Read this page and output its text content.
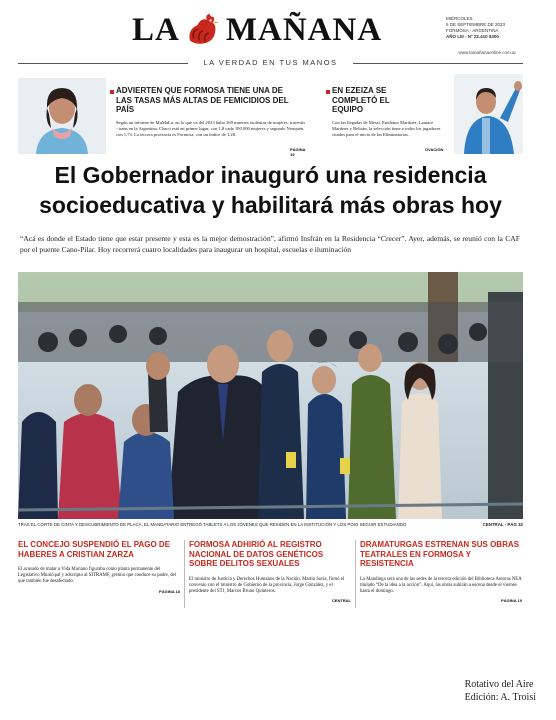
LA MAÑANA	MIÉRCOLES
6 DE SEPTIEMBRE DE 2023
FORMOSA - ARGENTINA
AÑO LIII - Nº 22.410 $300
www.lamañanaonline.com.ar
LA VERDAD EN TUS MANOS
ADVIERTEN QUE FORMOSA TIENE UNA DE LAS TASAS MÁS ALTAS DE FEMICIDIOS DEL PAÍS
Según un informe de MuMaLa, en lo que va del 2023 hubo 269 muertes violentas de mujeres, travestis - trans en la Argentina. Chaco está en primer lugar, con 1,8 cada 100.000 mujeres y segundo Neuquén, con 1,73. La tercera provincia es Formosa, con un índice de 1,28.
PÁGINA 19
EN EZEIZA SE COMPLETÓ EL EQUIPO
Con las llegadas de Messi, Emiliano Martínez, Lautaro Martínez y Beltrán, la selección tiene a todos los jugadores citados para el inicio de las Eliminatorias.
OVACIÓN
El Gobernador inauguró una residencia socioeducativa y habilitará más obras hoy
“Acá es donde el Estado tiene que estar presente y esta es la mejor demostración”, afirmó Insfrán en la Residencia “Crecer”. Ayer, además, se reunió con la CAF por el puente Cano-Pilar. Hoy recorrerá cuatro localidades para inaugurar un hospital, escuelas e iluminación
TRAS EL CORTE DE CINTA Y DESCUBRIMIENTO DE PLACA, EL MANDATARIO ENTREGÓ TABLETS A LOS JÓVENES QUE RESIDEN EN LA INSTITUCIÓN Y LOS POIO SEGUIR ESTUDIANDO	CENTRAL - PÁG 32
EL CONCEJO SUSPENDIÓ EL PAGO DE HABERES A CRISTIAN ZARZA
El acusado de matar a Vida Mariano figuraba como planta permanente del Legislativo Municipal y adscripto al SITRAMF, gremio que conduce su padre, del que también fue desafectado.
PÁGINA 18
FORMOSA ADHIRIÓ AL REGISTRO NACIONAL DE DATOS GENÉTICOS SOBRE DELITOS SEXUALES
El ministro de Justicia y Derechos Humanos de la Nación, Martín Soria, firmó el convenio con el ministro de Gobierno de la provincia, Jorge González, y el presidente del STJ, Marcos Bruno Quinteros.
CENTRAL
DRAMATURGAS ESTRENAN SUS OBRAS TEATRALES EN FORMOSA Y RESISTENCIA
La Mandinga será una de las sedes de la tercera edición del Biblioteca Autoras NEA titulado “De la idea a la acción”. Aquí, las obras subirán a escena desde el viernes hasta el domingo.
PÁGINA 19
Rotativo del Aire
Edición: A. Troisi
